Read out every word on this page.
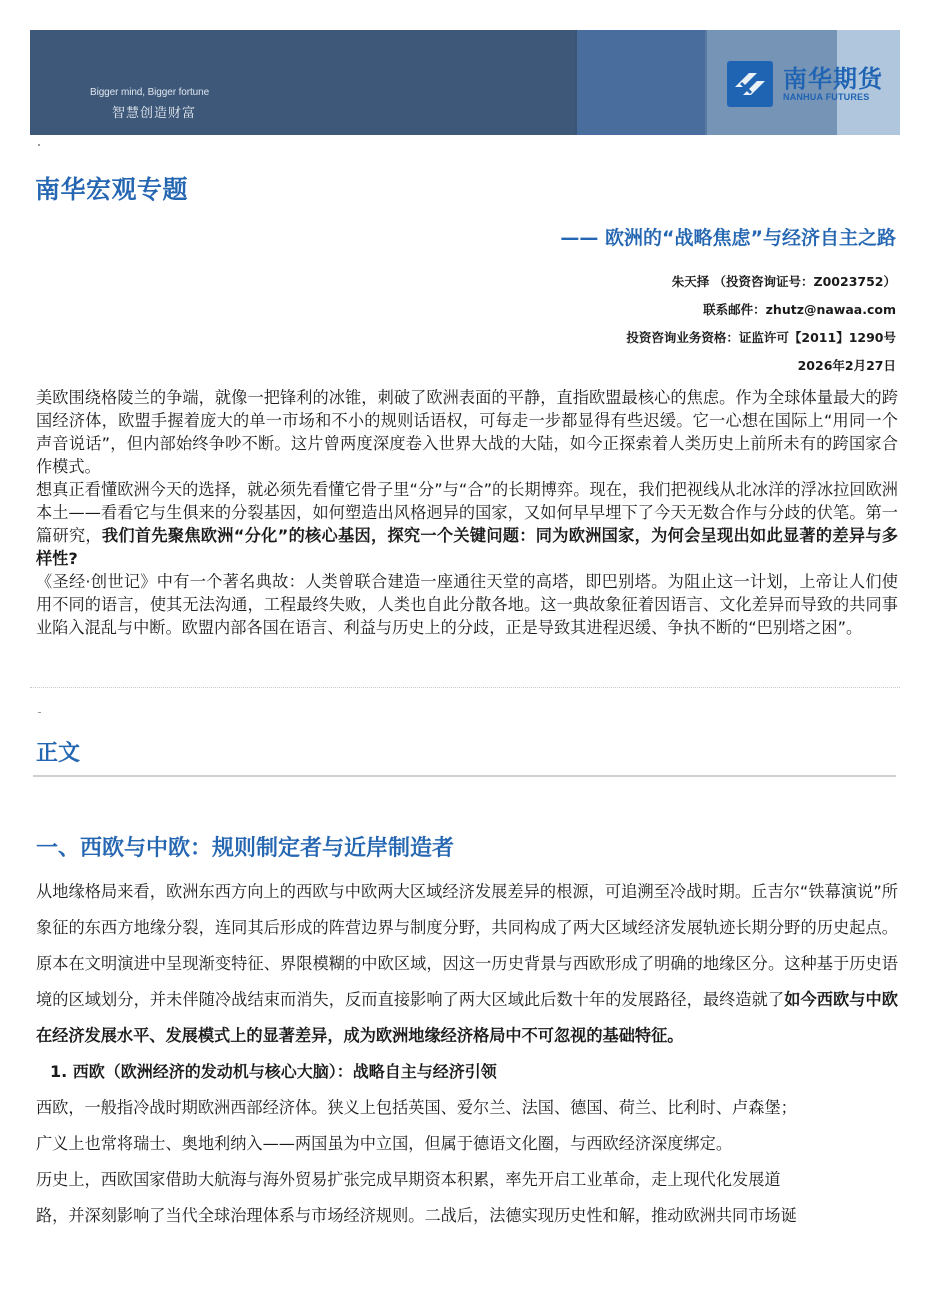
Bigger mind, Bigger fortune
智慧创造财富
南华期货
NANHUA FUTURES
南华宏观专题
—— 欧洲的“战略焦虑”与经济自主之路
朱天择 （投资咨询证号：Z0023752）
联系邮件：zhutz@nawaa.com
投资咨询业务资格：证监许可【2011】1290号
2026年2月27日

美欧围绕格陵兰的争端，就像一把锋利的冰锥，刺破了欧洲表面的平静，直指欧盟最核心的焦虑。作为全球体量最大的跨国经济体，欧盟手握着庞大的单一市场和不小的规则话语权，可每走一步都显得有些迟缓。它一心想在国际上“用同一个声音说话”，但内部始终争吵不断。这片曾两度深度卷入世界大战的大陆，如今正探索着人类历史上前所未有的跨国家合作模式。

想真正看懂欧洲今天的选择，就必须先看懂它骨子里“分”与“合”的长期博弈。现在，我们把视线从北冰洋的浮冰拉回欧洲本土——看看它与生俱来的分裂基因，如何塑造出风格迥异的国家，又如何早早埋下了今天无数合作与分歧的伏笔。第一篇研究，我们首先聚焦欧洲“分化”的核心基因，探究一个关键问题：同为欧洲国家，为何会呈现出如此显著的差异与多样性?

《圣经·创世记》中有一个著名典故：人类曾联合建造一座通往天堂的高塔，即巴别塔。为阻止这一计划，上帝让人们使用不同的语言，使其无法沟通，工程最终失败，人类也自此分散各地。这一典故象征着因语言、文化差异而导致的共同事业陷入混乱与中断。欧盟内部各国在语言、利益与历史上的分歧，正是导致其进程迟缓、争执不断的“巴别塔之困”。

正文
一、西欧与中欧：规则制定者与近岸制造者

从地缘格局来看，欧洲东西方向上的西欧与中欧两大区域经济发展差异的根源，可追溯至冷战时期。丘吉尔“铁幕演说”所象征的东西方地缘分裂，连同其后形成的阵营边界与制度分野，共同构成了两大区域经济发展轨迹长期分野的历史起点。原本在文明演进中呈现渐变特征、界限模糊的中欧区域，因这一历史背景与西欧形成了明确的地缘区分。这种基于历史语境的区域划分，并未伴随冷战结束而消失，反而直接影响了两大区域此后数十年的发展路径，最终造就了如今西欧与中欧在经济发展水平、发展模式上的显著差异，成为欧洲地缘经济格局中不可忽视的基础特征。

1. 西欧（欧洲经济的发动机与核心大脑）：战略自主与经济引领

西欧，一般指冷战时期欧洲西部经济体。狭义上包括英国、爱尔兰、法国、德国、荷兰、比利时、卢森堡；

广义上也常将瑞士、奥地利纳入——两国虽为中立国，但属于德语文化圈，与西欧经济深度绑定。

历史上，西欧国家借助大航海与海外贸易扩张完成早期资本积累，率先开启工业革命，走上现代化发展道

路，并深刻影响了当代全球治理体系与市场经济规则。二战后，法德实现历史性和解，推动欧洲共同市场诞
